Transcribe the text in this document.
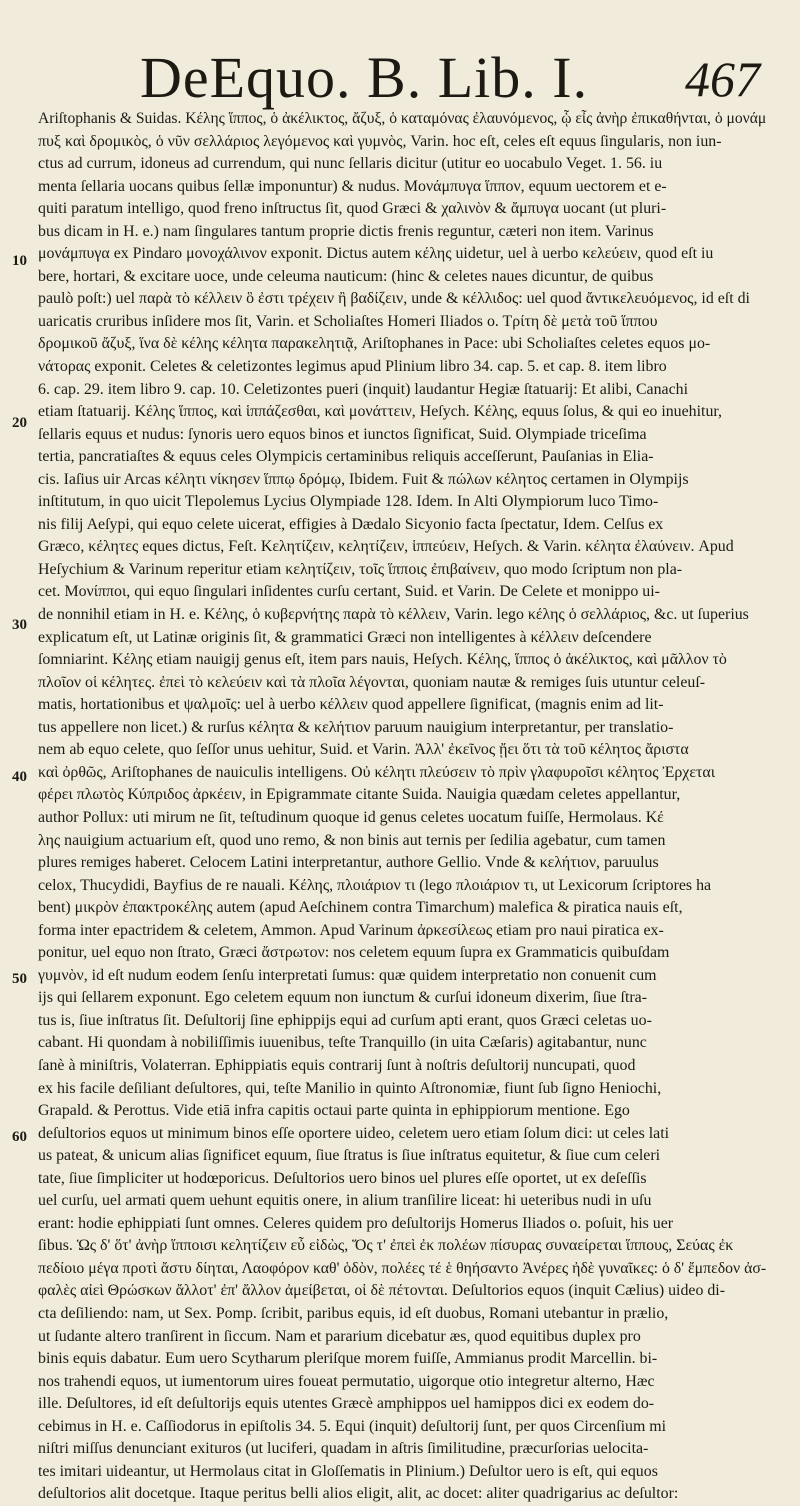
DeEquo. B. Lib. I. 467
Ariſtophanis & Suidas. Κέλης ἵππος, ὁ ἀκέλικτος, ἄζυξ, ὁ καταμόνας ἐλαυνόμενος, ᾧ εἶς ἀνὴρ ἐπικαθήνται, ὁ μονάμ
πυξ καὶ δρομικὸς, ὁ νῦν σελλάριος λεγόμενος καὶ γυμνὸς, Varin. hoc eſt, celes eſt equus ſingularis, non iun-
ctus ad currum, idoneus ad currendum, qui nunc ſellaris dicitur (utitur eo uocabulo Veget. 1. 56. iu
menta ſellaria uocans quibus ſellæ imponuntur) & nudus. Μονάμπυγα ἵππον, equum uectorem et e-
quiti paratum intelligo, quod freno inſtructus ſit, quod Græci & χαλινὸν & ἄμπυγα uocant (ut pluri-
bus dicam in H. e.) nam ſingulares tantum proprie dictis frenis reguntur, cæteri non item. Varinus
μονάμπυγα ex Pindaro μονοχάλινον exponit. Dictus autem κέλης uidetur, uel à uerbo κελεύειν, quod eſt iu
bere, hortari, & excitare uoce, unde celeuma nauticum: (hinc & celetes naues dicuntur, de quibus
paulò poſt:) uel παρὰ τὸ κέλλειν ὃ ἐστι τρέχειν ἢ βαδίζειν, unde & κέλλιδος: uel quod ἄντικελευόμενος, id eſt di
uaricatis cruribus inſidere mos ſit, Varin. et Scholiaſtes Homeri Iliados ο. Τρίτη δὲ μετὰ τοῦ ἵππου
δρομικοῦ ἄζυξ, ἵνα δὲ κέλης κέλητα παρακελητιᾷ, Ariſtophanes in Pace: ubi Scholiaſtes celetes equos μο-
νάτορας exponit. Celetes & celetizontes legimus apud Plinium libro 34. cap. 5. et cap. 8. item libro
6. cap. 29. item libro 9. cap. 10. Celetizontes pueri (inquit) laudantur Hegiæ ſtatuarij: Et alibi, Canachi
etiam ſtatuarij. Κέλης ἵππος, καὶ ἱππάζεσθαι, καὶ μονάττειν, Heſych. Κέλης, equus ſolus, & qui eo inuehitur,
ſellaris equus et nudus: ſynoris uero equos binos et iunctos ſignificat, Suid. Olympiade triceſima
tertia, pancratiaſtes & equus celes Olympicis certaminibus reliquis acceſſerunt, Pauſanias in Elia-
cis. Iaſius uir Arcas κέλητι νίκησεν ἵππῳ δρόμῳ, Ibidem. Fuit & πώλων κέλητος certamen in Olympijs
inſtitutum, in quo uicit Tlepolemus Lycius Olympiade 128. Idem. In Alti Olympiorum luco Timo-
nis filij Aeſypi, qui equo celete uicerat, effigies à Dædalo Sicyonio facta ſpectatur, Idem. Celſus ex
Græco, κέλητες eques dictus, Feſt. Κελητίζειν, κελητίζειν, ἱππεύειν, Heſych. & Varin. κέλητα ἐλαύνειν. Apud
Heſychium & Varinum reperitur etiam κελητίζειν, τοῖς ἵπποις ἐπιβαίνειν, quo modo ſcriptum non pla-
cet. Μονίπποι, qui equo ſingulari inſidentes curſu certant, Suid. et Varin. De Celete et monippo ui-
de nonnihil etiam in H. e. Κέλης, ὁ κυβερνήτης παρὰ τὸ κέλλειν, Varin. lego κέλης ὁ σελλάριος, &c. ut ſuperius
explicatum eſt, ut Latinæ originis ſit, & grammatici Græci non intelligentes à κέλλειν deſcendere
ſomniarint. Κέλης etiam nauigij genus eſt, item pars nauis, Heſych. Κέλης, ἵππος ὁ ἀκέλικτος, καὶ μᾶλλον τὸ
πλοῖον οἱ κέλητες. ἐπεὶ τὸ κελεύειν καὶ τὰ πλοῖα λέγονται, quoniam nautæ & remiges ſuis utuntur celeuſ-
matis, hortationibus et ψαλμοῖς: uel à uerbo κέλλειν quod appellere ſignificat, (magnis enim ad lit-
tus appellere non licet.) & rurſus κέλητα & κελήτιον paruum nauigium interpretantur, per translatio-
nem ab equo celete, quo ſeſſor unus uehitur, Suid. et Varin. Ἀλλ' ἐκεῖνος ᾔει ὅτι τὰ τοῦ κέλητος ἄριστα
καὶ ὀρθῶς, Ariſtophanes de nauiculis intelligens. Οὐ κέλητι πλεύσειν τὸ πρὶν γλαφυροῖσι κέλητος Ἐρχεται
φέρει πλωτὸς Κύπριδος ἀρκέειν, in Epigrammate citante Suida. Nauigia quædam celetes appellantur,
author Pollux: uti mirum ne ſit, teſtudinum quoque id genus celetes uocatum fuiſſe, Hermolaus. Κέ
λης nauigium actuarium eſt, quod uno remo, & non binis aut ternis per ſedilia agebatur, cum tamen
plures remiges haberet. Celocem Latini interpretantur, authore Gellio. Vnde & κελήτιον, paruulus
celox, Thucydidi, Bayfius de re nauali. Κέλης, πλοιάριον τι (lego πλοιάριον τι, ut Lexicorum ſcriptores ha
bent) μικρὸν ἐπακτροκέλης autem (apud Aeſchinem contra Timarchum) malefica & piratica nauis eſt,
forma inter epactridem & celetem, Ammon. Apud Varinum ἀρκεσίλεως etiam pro naui piratica ex-
ponitur, uel equo non ſtrato, Græci ἄστρωτον: nos celetem equum ſupra ex Grammaticis quibuſdam
γυμνὸν, id eſt nudum eodem ſenſu interpretati ſumus: quæ quidem interpretatio non conuenit cum
ijs qui ſellarem exponunt. Ego celetem equum non iunctum & curſui idoneum dixerim, ſiue ſtra-
tus is, ſiue inſtratus ſit. Deſultorij ſine ephippijs equi ad curſum apti erant, quos Græci celetas uo-
cabant. Hi quondam à nobiliſſimis iuuenibus, teſte Tranquillo (in uita Cæſaris) agitabantur, nunc
ſanè à miniſtris, Volaterran. Ephippiatis equis contrarij ſunt à noſtris deſultorij nuncupati, quod
ex his facile deſiliant deſultores, qui, teſte Manilio in quinto Aſtronomiæ, fiunt ſub ſigno Heniochi,
Grapald. & Perottus. Vide etiā infra capitis octaui parte quinta in ephippiorum mentione. Ego
deſultorios equos ut minimum binos eſſe oportere uideo, celetem uero etiam ſolum dici: ut celes lati
us pateat, & unicum alias ſignificet equum, ſiue ſtratus is ſiue inſtratus equitetur, & ſiue cum celeri
tate, ſiue ſimpliciter ut hodœporicus. Deſultorios uero binos uel plures eſſe oportet, ut ex deſeſſis
uel curſu, uel armati quem uehunt equitis onere, in alium tranſilire liceat: hi ueteribus nudi in uſu
erant: hodie ephippiati ſunt omnes. Celeres quidem pro deſultorijs Homerus Iliados ο. poſuit, his uer
ſibus. Ὡς δ' ὅτ' ἀνὴρ ἵπποισι κελητίζειν εὖ εἰδὼς, Ὅς τ' ἐπεὶ ἐκ πολέων πίσυρας συναείρεται ἵππους, Σεύας ἐκ
πεδίοιο μέγα προτὶ ἄστυ δίηται, Λαοφόρον καθ' ὁδὸν, πολέες τέ ἑ θηήσαντο Ἀνέρες ἠδὲ γυναῖκες: ὁ δ' ἔμπεδον ἀσ-
φαλὲς αἰεὶ Θρώσκων ἄλλοτ' ἐπ' ἄλλον ἀμείβεται, οἱ δὲ πέτονται. Deſultorios equos (inquit Cælius) uideo di-
cta deſiliendo: nam, ut Sex. Pomp. ſcribit, paribus equis, id eſt duobus, Romani utebantur in prælio,
ut ſudante altero tranſirent in ſiccum. Nam et pararium dicebatur æs, quod equitibus duplex pro
binis equis dabatur. Eum uero Scytharum pleriſque morem fuiſſe, Ammianus prodit Marcellin. bi-
nos trahendi equos, ut iumentorum uires foueat permutatio, uigorque otio integretur alterno, Hæc
ille. Deſultores, id eſt deſultorijs equis utentes Græcè amphippos uel hamippos dici ex eodem do-
cebimus in H. e. Caſſiodorus in epiſtolis 34. 5. Equi (inquit) deſultorij ſunt, per quos Circenſium mi
niſtri miſſus denunciant exituros (ut luciferi, quadam in aſtris ſimilitudine, præcurſorias uelocita-
tes imitari uideantur, ut Hermolaus citat in Gloſſematis in Plinium.) Deſultor uero is eſt, qui equos
deſultorios alit docetque. Itaque peritus belli alios eligit, alit, ac docet: aliter quadrigarius ac deſultor:
10
20
30
40
50
60
